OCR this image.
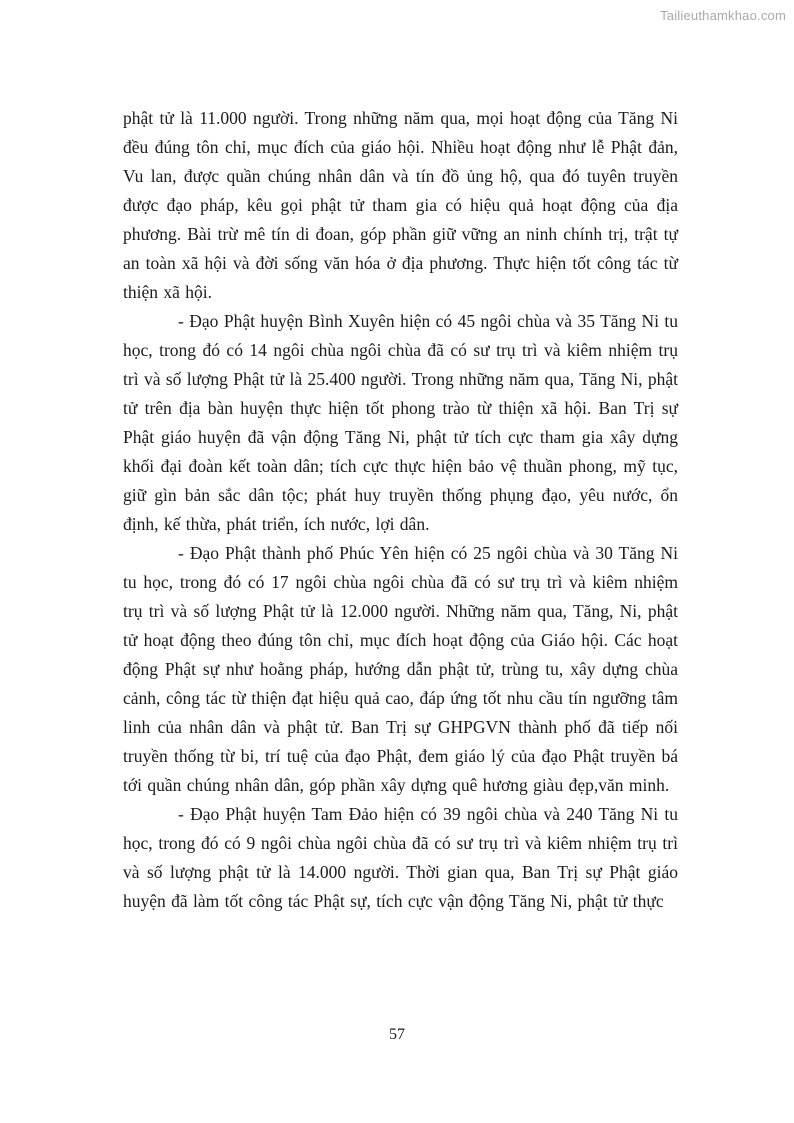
Tailieuthamkhao.com

phật tử là 11.000 người. Trong những năm qua, mọi hoạt động của Tăng Ni đều đúng tôn chỉ, mục đích của giáo hội. Nhiều hoạt động như lễ Phật đản, Vu lan, được quần chúng nhân dân và tín đồ ủng hộ, qua đó tuyên truyền được đạo pháp, kêu gọi phật tử tham gia có hiệu quả hoạt động của địa phương. Bài trừ mê tín di đoan, góp phần giữ vững an ninh chính trị, trật tự an toàn xã hội và đời sống văn hóa ở địa phương. Thực hiện tốt công tác từ thiện xã hội.

- Đạo Phật huyện Bình Xuyên hiện có 45 ngôi chùa và 35 Tăng Ni tu học, trong đó có 14 ngôi chùa ngôi chùa đã có sư trụ trì và kiêm nhiệm trụ trì và số lượng Phật tử là 25.400 người. Trong những năm qua, Tăng Ni, phật tử trên địa bàn huyện thực hiện tốt phong trào từ thiện xã hội. Ban Trị sự Phật giáo huyện đã vận động Tăng Ni, phật tử tích cực tham gia xây dựng khối đại đoàn kết toàn dân; tích cực thực hiện bảo vệ thuần phong, mỹ tục, giữ gìn bản sắc dân tộc; phát huy truyền thống phụng đạo, yêu nước, ổn định, kế thừa, phát triển, ích nước, lợi dân.

- Đạo Phật thành phố Phúc Yên hiện có 25 ngôi chùa và 30 Tăng Ni tu học, trong đó có 17 ngôi chùa ngôi chùa đã có sư trụ trì và kiêm nhiệm trụ trì và số lượng Phật tử là 12.000 người. Những năm qua, Tăng, Ni, phật tử hoạt động theo đúng tôn chỉ, mục đích hoạt động của Giáo hội. Các hoạt động Phật sự như hoằng pháp, hướng dẫn phật tử, trùng tu, xây dựng chùa cảnh, công tác từ thiện đạt hiệu quả cao, đáp ứng tốt nhu cầu tín ngưỡng tâm linh của nhân dân và phật tử. Ban Trị sự GHPGVN thành phố đã tiếp nối truyền thống từ bi, trí tuệ của đạo Phật, đem giáo lý của đạo Phật truyền bá tới quần chúng nhân dân, góp phần xây dựng quê hương giàu đẹp,văn minh.

- Đạo Phật huyện Tam Đảo hiện có 39 ngôi chùa và 240 Tăng Ni tu học, trong đó có 9 ngôi chùa ngôi chùa đã có sư trụ trì và kiêm nhiệm trụ trì và số lượng phật tử là 14.000 người. Thời gian qua, Ban Trị sự Phật giáo huyện đã làm tốt công tác Phật sự, tích cực vận động Tăng Ni, phật tử thực

57
